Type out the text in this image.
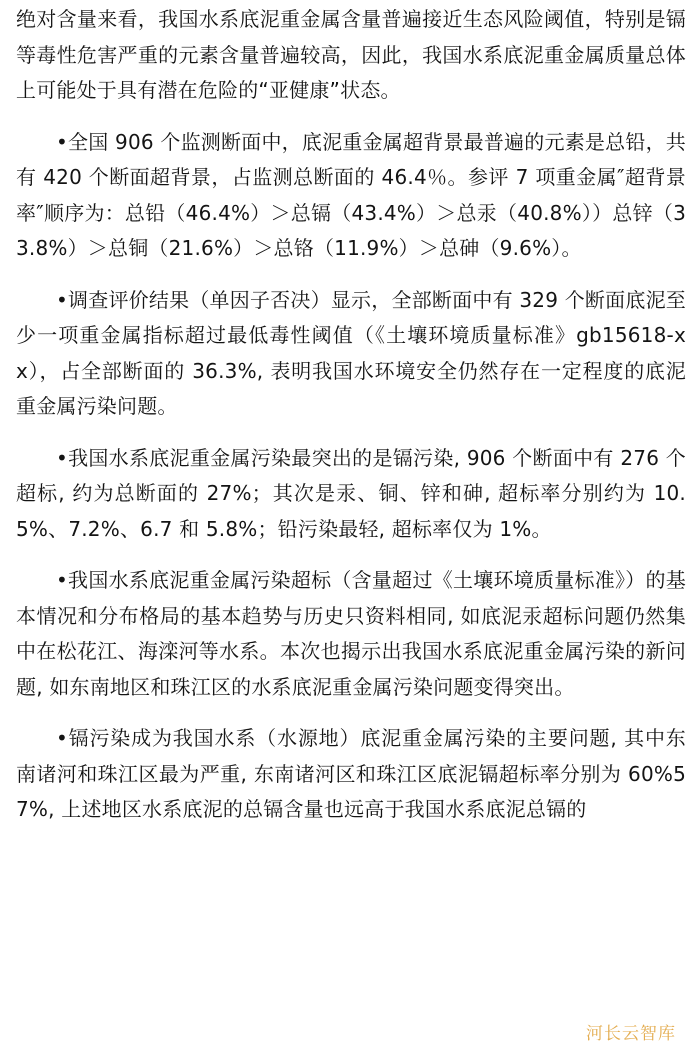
绝对含量来看，我国水系底泥重金属含量普遍接近生态风险阈值，特别是镉等毒性危害严重的元素含量普遍较高，因此，我国水系底泥重金属质量总体上可能处于具有潜在危险的“亚健康”状态。

•全国 906 个监测断面中，底泥重金属超背景最普遍的元素是总铅，共有 420 个断面超背景，占监测总断面的 46.4％。参评 7 项重金属″超背景率″顺序为：总铅（46.4%）＞总镉（43.4%）＞总汞（40.8%））总锌（33.8%）＞总铜（21.6%）＞总铬（11.9%）＞总砷（9.6%）。

•调查评价结果（单因子否决）显示，全部断面中有 329 个断面底泥至少一项重金属指标超过最低毒性阈值（《土壤环境质量标准》gb15618-xx），占全部断面的 36.3%, 表明我国水环境安全仍然存在一定程度的底泥重金属污染问题。

•我国水系底泥重金属污染最突出的是镉污染, 906 个断面中有 276 个超标, 约为总断面的 27%；其次是汞、铜、锌和砷, 超标率分别约为 10.5%、7.2%、6.7 和 5.8%；铅污染最轻, 超标率仅为 1%。

•我国水系底泥重金属污染超标（含量超过《土壤环境质量标准》）的基本情况和分布格局的基本趋势与历史只资料相同, 如底泥汞超标问题仍然集中在松花江、海滦河等水系。本次也揭示出我国水系底泥重金属污染的新问题, 如东南地区和珠江区的水系底泥重金属污染问题变得突出。

•镉污染成为我国水系（水源地）底泥重金属污染的主要问题, 其中东南诸河和珠江区最为严重, 东南诸河区和珠江区底泥镉超标率分别为 60%57%, 上述地区水系底泥的总镉含量也远高于我国水系底泥总镉的

河长云智库
